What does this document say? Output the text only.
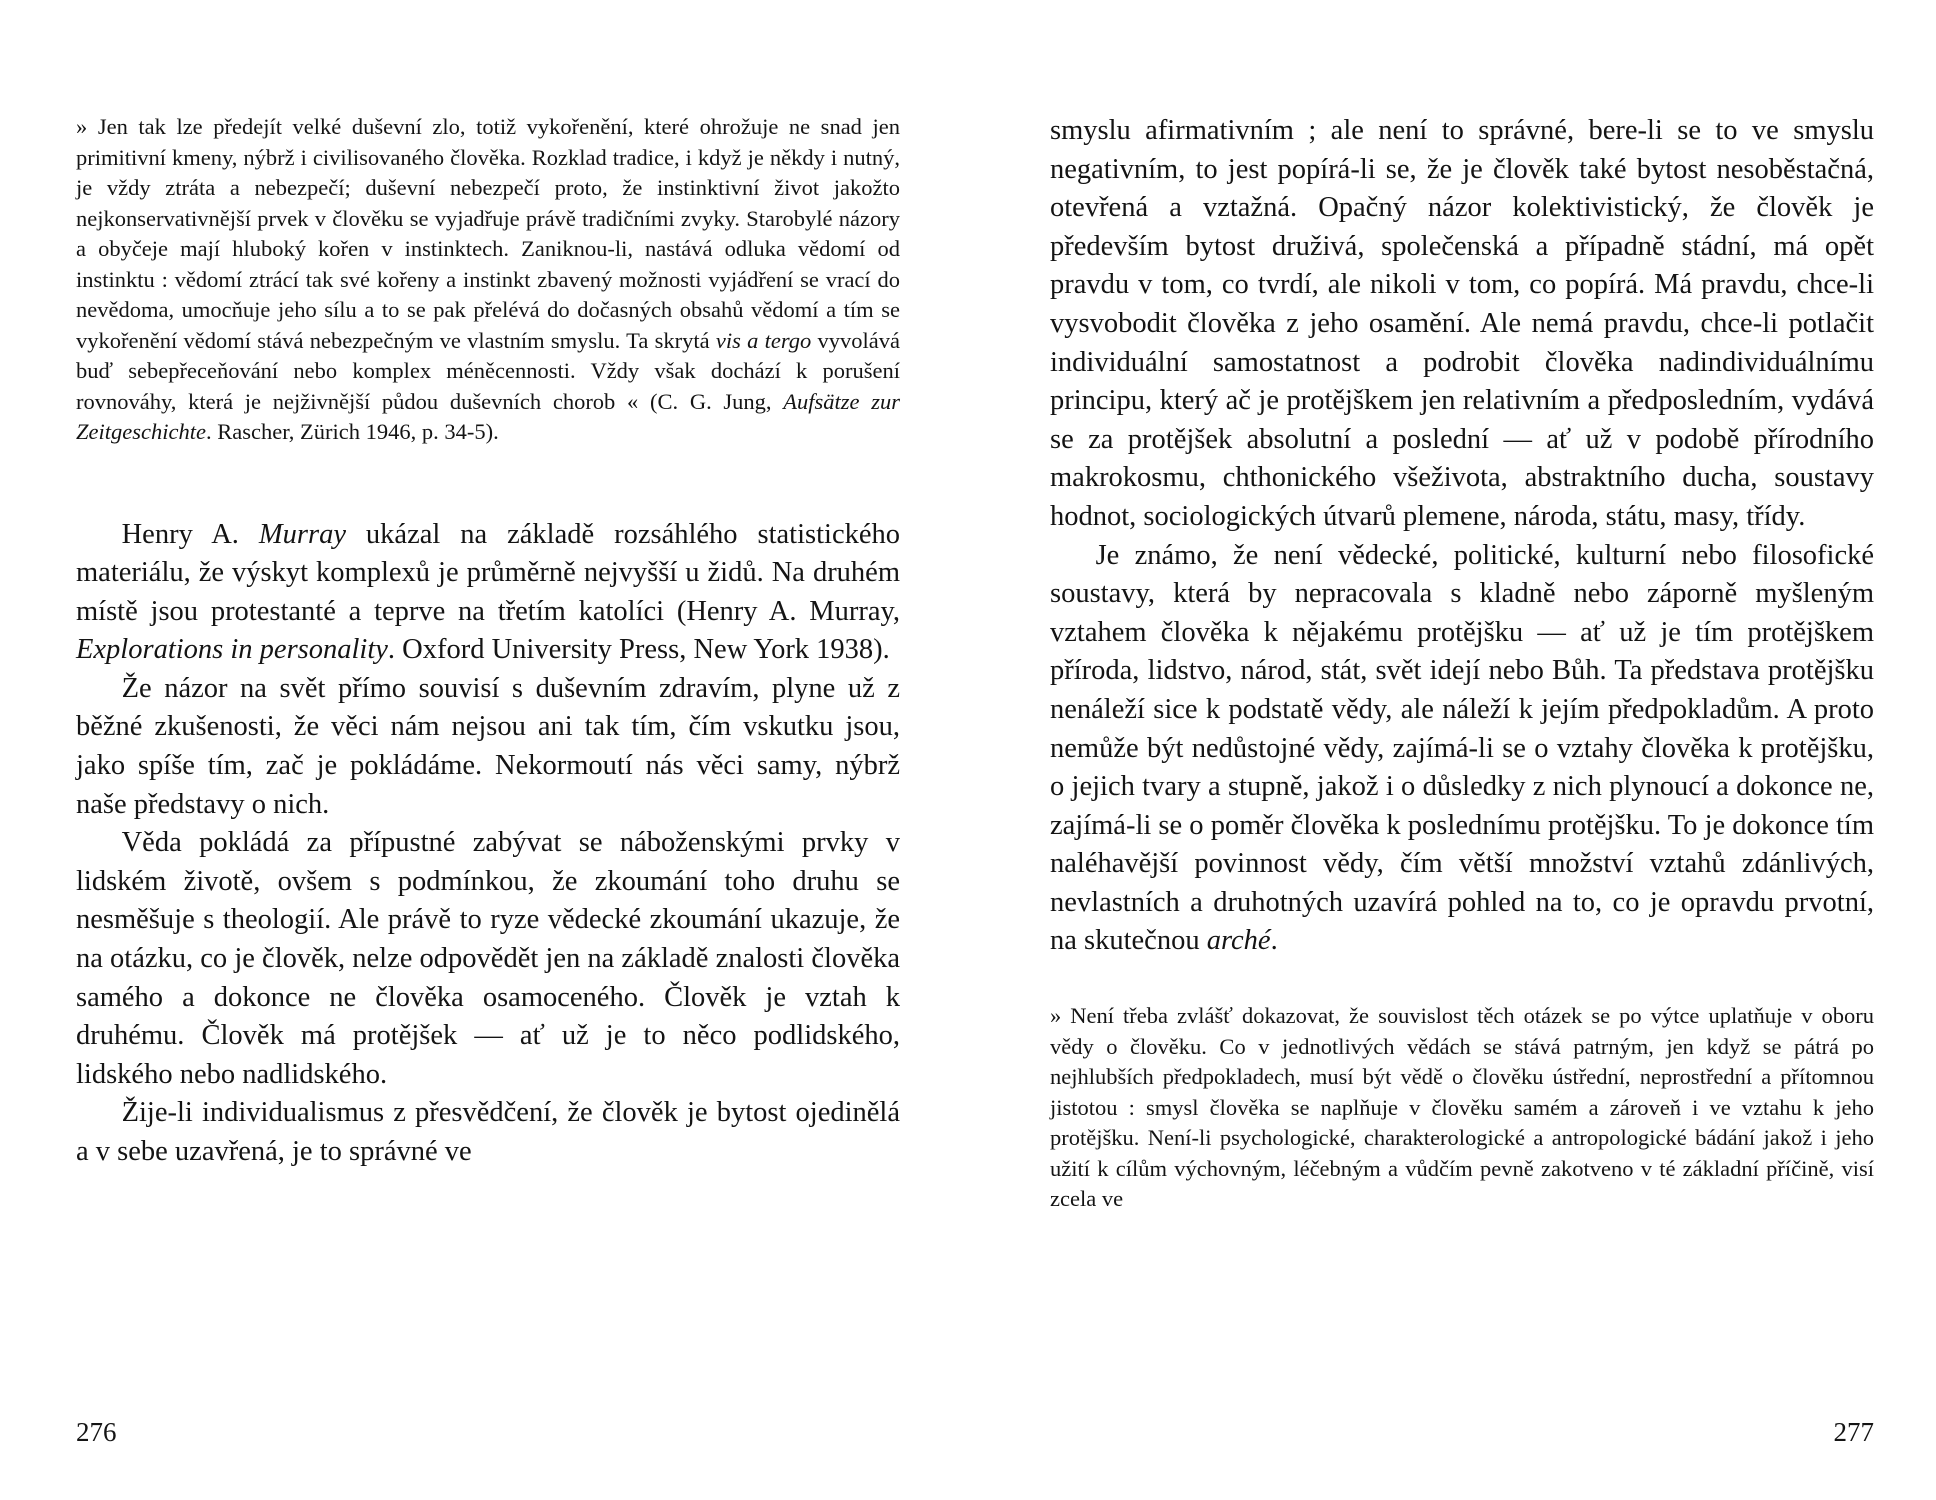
» Jen tak lze předejít velké duševní zlo, totiž vykořenění, které ohrožuje ne snad jen primitivní kmeny, nýbrž i civilisovaného člověka. Rozklad tradice, i když je někdy i nutný, je vždy ztráta a nebezpečí; duševní nebezpečí proto, že instinktivní život jakožto nejkonservativnější prvek v člověku se vyjadřuje právě tradičními zvyky. Starobylé názory a obyčeje mají hluboký kořen v instinktech. Zaniknou-li, nastává odluka vědomí od instinktu : vědomí ztrácí tak své kořeny a instinkt zbavený možnosti vyjádření se vrací do nevědoma, umocňuje jeho sílu a to se pak přelévá do dočasných obsahů vědomí a tím se vykořenění vědomí stává nebezpečným ve vlastním smyslu. Ta skrytá vis a tergo vyvolává buď sebepřeceňování nebo komplex méněcennosti. Vždy však dochází k porušení rovnováhy, která je nejživnější půdou duševních chorob « (C. G. Jung, Aufsätze zur Zeitgeschichte. Rascher, Zürich 1946, p. 34-5).

Henry A. Murray ukázal na základě rozsáhlého statistického materiálu, že výskyt komplexů je průměrně nejvyšší u židů. Na druhém místě jsou protestanté a teprve na třetím katolíci (Henry A. Murray, Explorations in personality. Oxford University Press, New York 1938).

Že názor na svět přímo souvisí s duševním zdravím, plyne už z běžné zkušenosti, že věci nám nejsou ani tak tím, čím vskutku jsou, jako spíše tím, zač je pokládáme. Nekormoutí nás věci samy, nýbrž naše představy o nich.

Věda pokládá za přípustné zabývat se náboženskými prvky v lidském životě, ovšem s podmínkou, že zkoumání toho druhu se nesměšuje s theologií. Ale právě to ryze vědecké zkoumání ukazuje, že na otázku, co je člověk, nelze odpovědět jen na základě znalosti člověka samého a dokonce ne člověka osamoceného. Člověk je vztah k druhému. Člověk má protějšek — ať už je to něco podlidského, lidského nebo nadlidského.

Žije-li individualismus z přesvědčení, že člověk je bytost ojedinělá a v sebe uzavřená, je to správné ve

276

smyslu afirmativním ; ale není to správné, bere-li se to ve smyslu negativním, to jest popírá-li se, že je člověk také bytost nesoběstačná, otevřená a vztažná. Opačný názor kolektivistický, že člověk je především bytost druživá, společenská a případně stádní, má opět pravdu v tom, co tvrdí, ale nikoli v tom, co popírá. Má pravdu, chce-li vysvobodit člověka z jeho osamění. Ale nemá pravdu, chce-li potlačit individuální samostatnost a podrobit člověka nadindividuálnímu principu, který ač je protějškem jen relativním a předposledním, vydává se za protějšek absolutní a poslední — ať už v podobě přírodního makrokosmu, chthonického všeživota, abstraktního ducha, soustavy hodnot, sociologických útvarů plemene, národa, státu, masy, třídy.

Je známo, že není vědecké, politické, kulturní nebo filosofické soustavy, která by nepracovala s kladně nebo záporně myšleným vztahem člověka k nějakému protějšku — ať už je tím protějškem příroda, lidstvo, národ, stát, svět idejí nebo Bůh. Ta představa protějšku nenáleží sice k podstatě vědy, ale náleží k jejím předpokladům. A proto nemůže být nedůstojné vědy, zajímá-li se o vztahy člověka k protějšku, o jejich tvary a stupně, jakož i o důsledky z nich plynoucí a dokonce ne, zajímá-li se o poměr člověka k poslednímu protějšku. To je dokonce tím naléhavější povinnost vědy, čím větší množství vztahů zdánlivých, nevlastních a druhotných uzavírá pohled na to, co je opravdu prvotní, na skutečnou arché.

» Není třeba zvlášť dokazovat, že souvislost těch otázek se po výtce uplatňuje v oboru vědy o člověku. Co v jednotlivých vědách se stává patrným, jen když se pátrá po nejhlubších předpokladech, musí být vědě o člověku ústřední, neprostřední a přítomnou jistotou : smysl člověka se naplňuje v člověku samém a zároveň i ve vztahu k jeho protějšku. Není-li psychologické, charakterologické a antropologické bádání jakož i jeho užití k cílům výchovným, léčebným a vůdčím pevně zakotveno v té základní příčině, visí zcela ve

277
